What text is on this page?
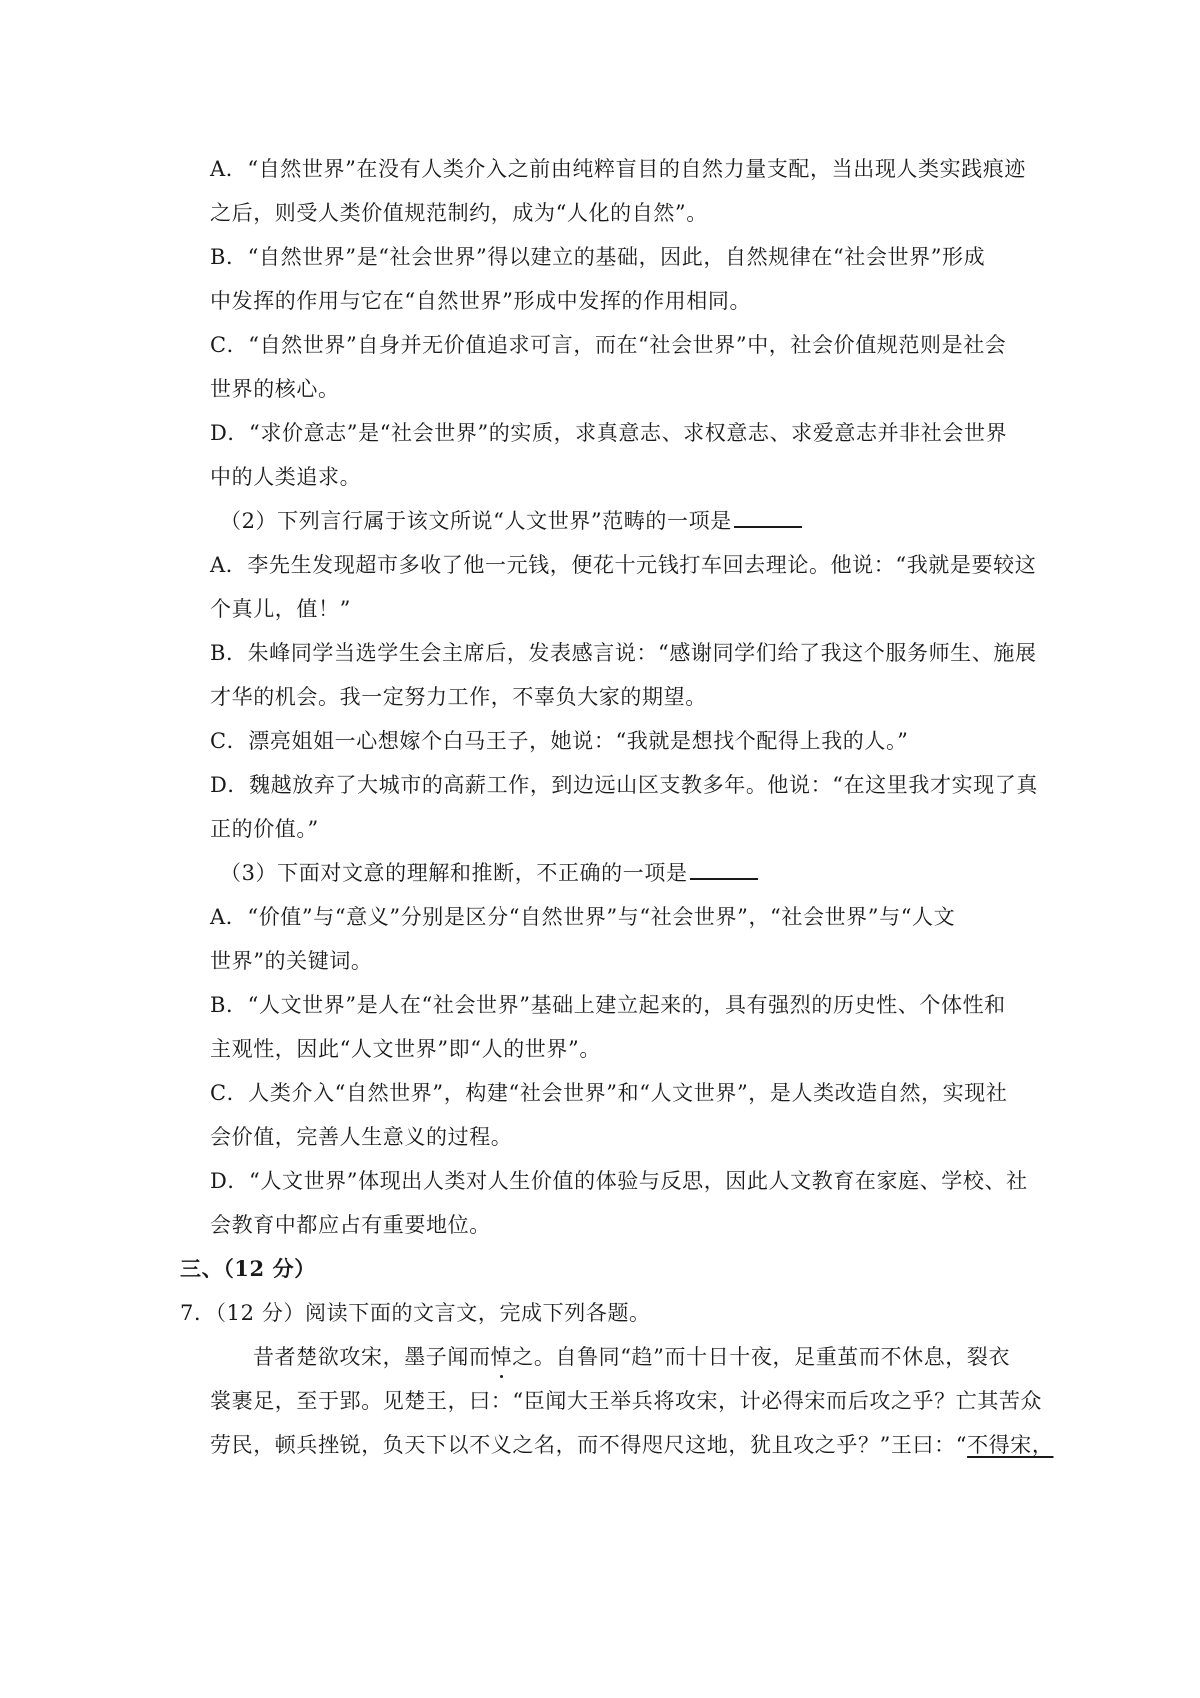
A．“自然世界”在没有人类介入之前由纯粹盲目的自然力量支配，当出现人类实践痕迹
之后，则受人类价值规范制约，成为“人化的自然”。
B．“自然世界”是“社会世界”得以建立的基础，因此，自然规律在“社会世界”形成
中发挥的作用与它在“自然世界”形成中发挥的作用相同。
C．“自然世界”自身并无价值追求可言，而在“社会世界”中，社会价值规范则是社会
世界的核心。
D．“求价意志”是“社会世界”的实质，求真意志、求权意志、求爱意志并非社会世界
中的人类追求。
（2）下列言行属于该文所说“人文世界”范畴的一项是
A．李先生发现超市多收了他一元钱，便花十元钱打车回去理论。他说：“我就是要较这
个真儿，值！”
B．朱峰同学当选学生会主席后，发表感言说：“感谢同学们给了我这个服务师生、施展
才华的机会。我一定努力工作，不辜负大家的期望。
C．漂亮姐姐一心想嫁个白马王子，她说：“我就是想找个配得上我的人。”
D．魏越放弃了大城市的高薪工作，到边远山区支教多年。他说：“在这里我才实现了真
正的价值。”
（3）下面对文意的理解和推断，不正确的一项是
A．“价值”与“意义”分别是区分“自然世界”与“社会世界”，“社会世界”与“人文
世界”的关键词。
B．“人文世界”是人在“社会世界”基础上建立起来的，具有强烈的历史性、个体性和
主观性，因此“人文世界”即“人的世界”。
C．人类介入“自然世界”，构建“社会世界”和“人文世界”，是人类改造自然，实现社
会价值，完善人生意义的过程。
D．“人文世界”体现出人类对人生价值的体验与反思，因此人文教育在家庭、学校、社
会教育中都应占有重要地位。
三、（12 分）
7．（12 分）阅读下面的文言文，完成下列各题。
昔者楚欲攻宋，墨子闻而悼之。自鲁同“趋”而十日十夜，足重茧而不休息，裂衣
裳裹足，至于郢。见楚王，曰：“臣闻大王举兵将攻宋，计必得宋而后攻之乎？亡其苦众
劳民，顿兵挫锐，负天下以不义之名，而不得咫尺这地，犹且攻之乎？”王曰：“不得宋，
